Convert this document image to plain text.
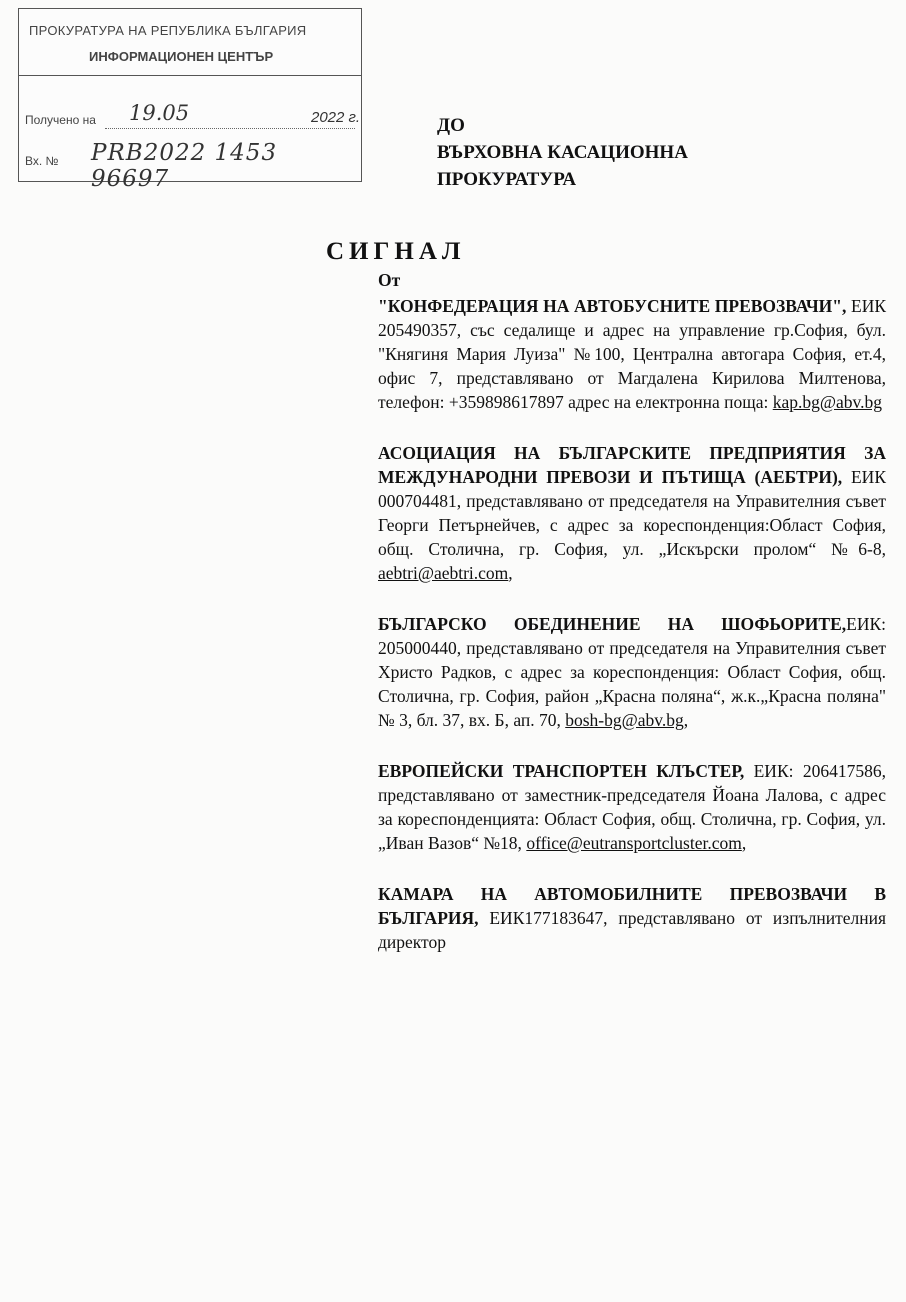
ПРОКУРАТУРА НА РЕПУБЛИКА БЪЛГАРИЯ
ИНФОРМАЦИОНЕН ЦЕНТЪР
Получено на 19.05	2022 г.
Вх. № PRB2022 1453 96697
ДО
ВЪРХОВНА КАСАЦИОННА
ПРОКУРАТУРА
СИГНАЛ
От
"КОНФЕДЕРАЦИЯ НА АВТОБУСНИТЕ ПРЕВОЗВАЧИ", ЕИК 205490357, със седалище и адрес на управление гр.София, бул. "Княгиня Мария Луиза" №100, Централна автогара София, ет.4, офис 7, представлявано от Магдалена Кирилова Милтенова, телефон: +359898617897 адрес на електронна поща: kap.bg@abv.bg
АСОЦИАЦИЯ НА БЪЛГАРСКИТЕ ПРЕДПРИЯТИЯ ЗА МЕЖДУНАРОДНИ ПРЕВОЗИ И ПЪТИЩА (АЕБТРИ), ЕИК 000704481, представлявано от председателя на Управителния съвет Георги Петърнейчев, с адрес за кореспонденция:Област София, общ. Столична, гр. София, ул. „Искърски пролом“ №6-8, aebtri@aebtri.com,
БЪЛГАРСКО ОБЕДИНЕНИЕ НА ШОФЬОРИТЕ,ЕИК: 205000440, представлявано от председателя на Управителния съвет Христо Радков, с адрес за кореспонденция: Област София, общ. Столична, гр. София, район „Красна поляна“, ж.к.„Красна поляна" № 3, бл. 37, вх. Б, ап. 70, bosh-bg@abv.bg,
ЕВРОПЕЙСКИ ТРАНСПОРТЕН КЛЪСТЕР, ЕИК: 206417586, представлявано от заместник-председателя Йоана Лалова, с адрес за кореспонденцията: Област София, общ. Столична, гр. София, ул. „Иван Вазов“ №18, office@eutransportcluster.com,
КАМАРА НА АВТОМОБИЛНИТЕ ПРЕВОЗВАЧИ В БЪЛГАРИЯ, ЕИК177183647, представлявано от изпълнителния директор
